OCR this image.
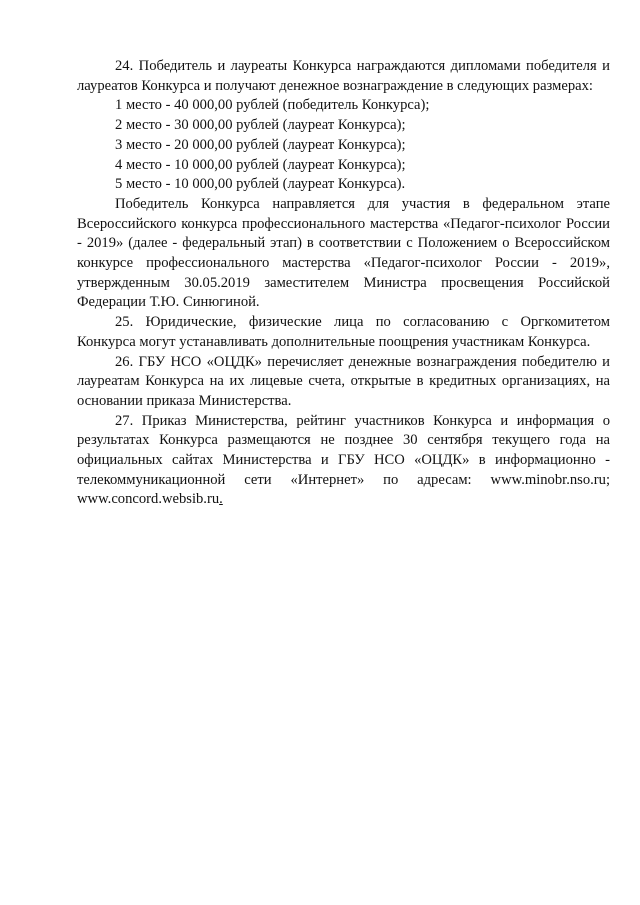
24. Победитель и лауреаты Конкурса награждаются дипломами победителя и лауреатов Конкурса и получают денежное вознаграждение в следующих размерах:

1 место - 40 000,00 рублей (победитель Конкурса);

2 место - 30 000,00 рублей (лауреат Конкурса);

3 место - 20 000,00 рублей (лауреат Конкурса);

4 место - 10 000,00 рублей (лауреат Конкурса);

5 место - 10 000,00 рублей (лауреат Конкурса).

Победитель Конкурса направляется для участия в федеральном этапе Всероссийского конкурса профессионального мастерства «Педагог-психолог России - 2019» (далее - федеральный этап) в соответствии с Положением о Всероссийском конкурсе профессионального мастерства «Педагог-психолог России - 2019», утвержденным 30.05.2019 заместителем Министра просвещения Российской Федерации Т.Ю. Синюгиной.

25. Юридические, физические лица по согласованию с Оргкомитетом Конкурса могут устанавливать дополнительные поощрения участникам Конкурса.

26. ГБУ НСО «ОЦДК» перечисляет денежные вознаграждения победителю и лауреатам Конкурса на их лицевые счета, открытые в кредитных организациях, на основании приказа Министерства.

27. Приказ Министерства, рейтинг участников Конкурса и информация о результатах Конкурса размещаются не позднее 30 сентября текущего года на официальных сайтах Министерства и ГБУ НСО «ОЦДК» в информационно - телекоммуникационной сети «Интернет» по адресам: www.minobr.nso.ru; www.concord.websib.ru.
